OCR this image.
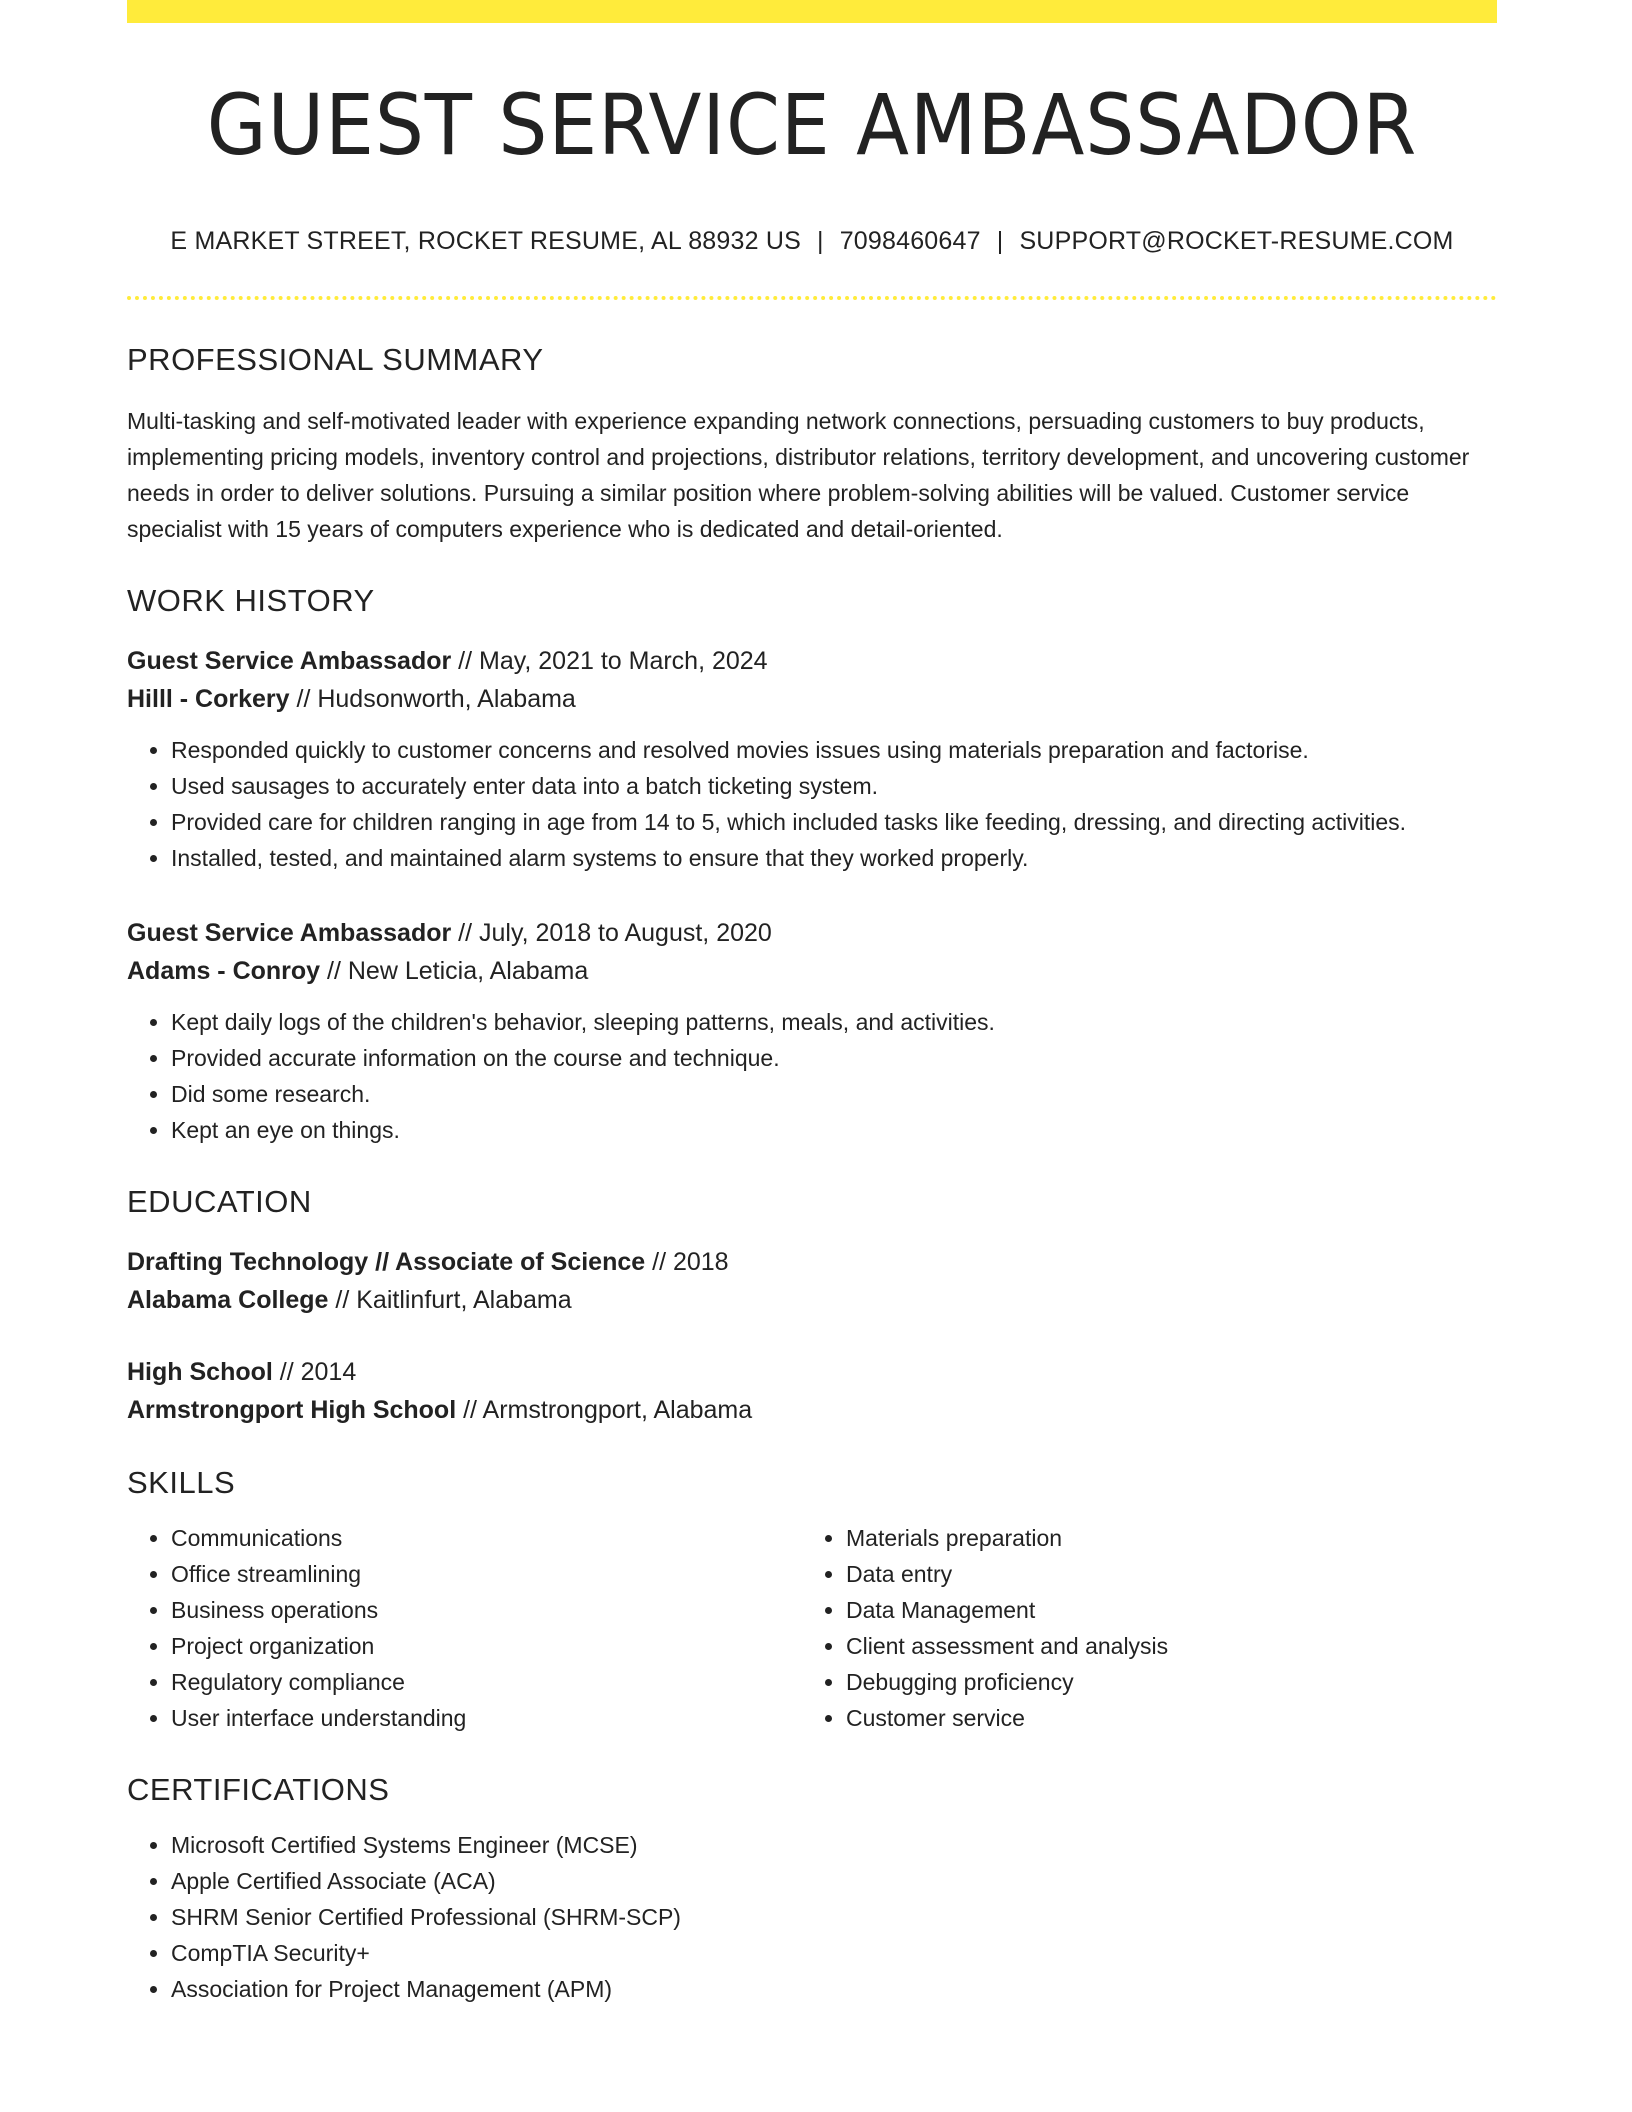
GUEST SERVICE AMBASSADOR
E MARKET STREET, ROCKET RESUME, AL 88932 US | 7098460647 | SUPPORT@ROCKET-RESUME.COM
PROFESSIONAL SUMMARY
Multi-tasking and self-motivated leader with experience expanding network connections, persuading customers to buy products, implementing pricing models, inventory control and projections, distributor relations, territory development, and uncovering customer needs in order to deliver solutions. Pursuing a similar position where problem-solving abilities will be valued. Customer service specialist with 15 years of computers experience who is dedicated and detail-oriented.
WORK HISTORY
Guest Service Ambassador // May, 2021 to March, 2024
Hilll - Corkery // Hudsonworth, Alabama
• Responded quickly to customer concerns and resolved movies issues using materials preparation and factorise.
• Used sausages to accurately enter data into a batch ticketing system.
• Provided care for children ranging in age from 14 to 5, which included tasks like feeding, dressing, and directing activities.
• Installed, tested, and maintained alarm systems to ensure that they worked properly.
Guest Service Ambassador // July, 2018 to August, 2020
Adams - Conroy // New Leticia, Alabama
• Kept daily logs of the children's behavior, sleeping patterns, meals, and activities.
• Provided accurate information on the course and technique.
• Did some research.
• Kept an eye on things.
EDUCATION
Drafting Technology // Associate of Science // 2018
Alabama College // Kaitlinfurt, Alabama
High School // 2014
Armstrongport High School // Armstrongport, Alabama
SKILLS
• Communications
• Office streamlining
• Business operations
• Project organization
• Regulatory compliance
• User interface understanding
• Materials preparation
• Data entry
• Data Management
• Client assessment and analysis
• Debugging proficiency
• Customer service
CERTIFICATIONS
• Microsoft Certified Systems Engineer (MCSE)
• Apple Certified Associate (ACA)
• SHRM Senior Certified Professional (SHRM-SCP)
• CompTIA Security+
• Association for Project Management (APM)
